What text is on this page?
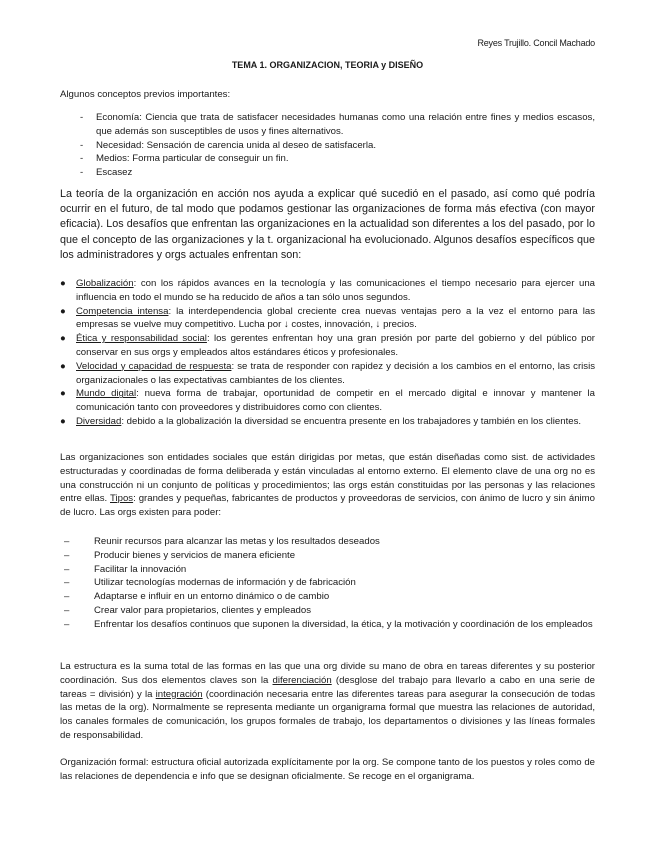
Reyes Trujillo. Concil Machado
TEMA 1. ORGANIZACION, TEORIA y DISEÑO

Algunos conceptos previos importantes:

- Economía: Ciencia que trata de satisfacer necesidades humanas como una relación entre fines y medios escasos, que además son susceptibles de usos y fines alternativos.
- Necesidad: Sensación de carencia unida al deseo de satisfacerla.
- Medios: Forma particular de conseguir un fin.
- Escasez

La teoría de la organización en acción nos ayuda a explicar qué sucedió en el pasado, así como qué podría ocurrir en el futuro, de tal modo que podamos gestionar las organizaciones de forma más efectiva (con mayor eficacia). Los desafíos que enfrentan las organizaciones en la actualidad son diferentes a los del pasado, por lo que el concepto de las organizaciones y la t. organizacional ha evolucionado. Algunos desafíos específicos que los administradores y orgs actuales enfrentan son:

● Globalización: con los rápidos avances en la tecnología y las comunicaciones el tiempo necesario para ejercer una influencia en todo el mundo se ha reducido de años a tan sólo unos segundos.
● Competencia intensa: la interdependencia global creciente crea nuevas ventajas pero a la vez el entorno para las empresas se vuelve muy competitivo. Lucha por ↓ costes, innovación, ↓ precios.
● Ética y responsabilidad social: los gerentes enfrentan hoy una gran presión por parte del gobierno y del público por conservar en sus orgs y empleados altos estándares éticos y profesionales.
● Velocidad y capacidad de respuesta: se trata de responder con rapidez y decisión a los cambios en el entorno, las crisis organizacionales o las expectativas cambiantes de los clientes.
● Mundo digital: nueva forma de trabajar, oportunidad de competir en el mercado digital e innovar y mantener la comunicación tanto con proveedores y distribuidores como con clientes.
● Diversidad: debido a la globalización la diversidad se encuentra presente en los trabajadores y también en los clientes.

Las organizaciones son entidades sociales que están dirigidas por metas, que están diseñadas como sist. de actividades estructuradas y coordinadas de forma deliberada y están vinculadas al entorno externo. El elemento clave de una org no es una construcción ni un conjunto de políticas y procedimientos; las orgs están constituidas por las personas y las relaciones entre ellas. Tipos: grandes y pequeñas, fabricantes de productos y proveedoras de servicios, con ánimo de lucro y sin ánimo de lucro. Las orgs existen para poder:

–	Reunir recursos para alcanzar las metas y los resultados deseados
–	Producir bienes y servicios de manera eficiente
–	Facilitar la innovación
–	Utilizar tecnologías modernas de información y de fabricación
–	Adaptarse e influir en un entorno dinámico o de cambio
–	Crear valor para propietarios, clientes y empleados
–	Enfrentar los desafíos continuos que suponen la diversidad, la ética, y la motivación y coordinación de los empleados

La estructura es la suma total de las formas en las que una org divide su mano de obra en tareas diferentes y su posterior coordinación. Sus dos elementos claves son la diferenciación (desglose del trabajo para llevarlo a cabo en una serie de tareas = división) y la integración (coordinación necesaria entre las diferentes tareas para asegurar la consecución de todas las metas de la org). Normalmente se representa mediante un organigrama formal que muestra las relaciones de autoridad, los canales formales de comunicación, los grupos formales de trabajo, los departamentos o divisiones y las líneas formales de responsabilidad.

Organización formal: estructura oficial autorizada explícitamente por la org. Se compone tanto de los puestos y roles como de las relaciones de dependencia e info que se designan oficialmente. Se recoge en el organigrama.
